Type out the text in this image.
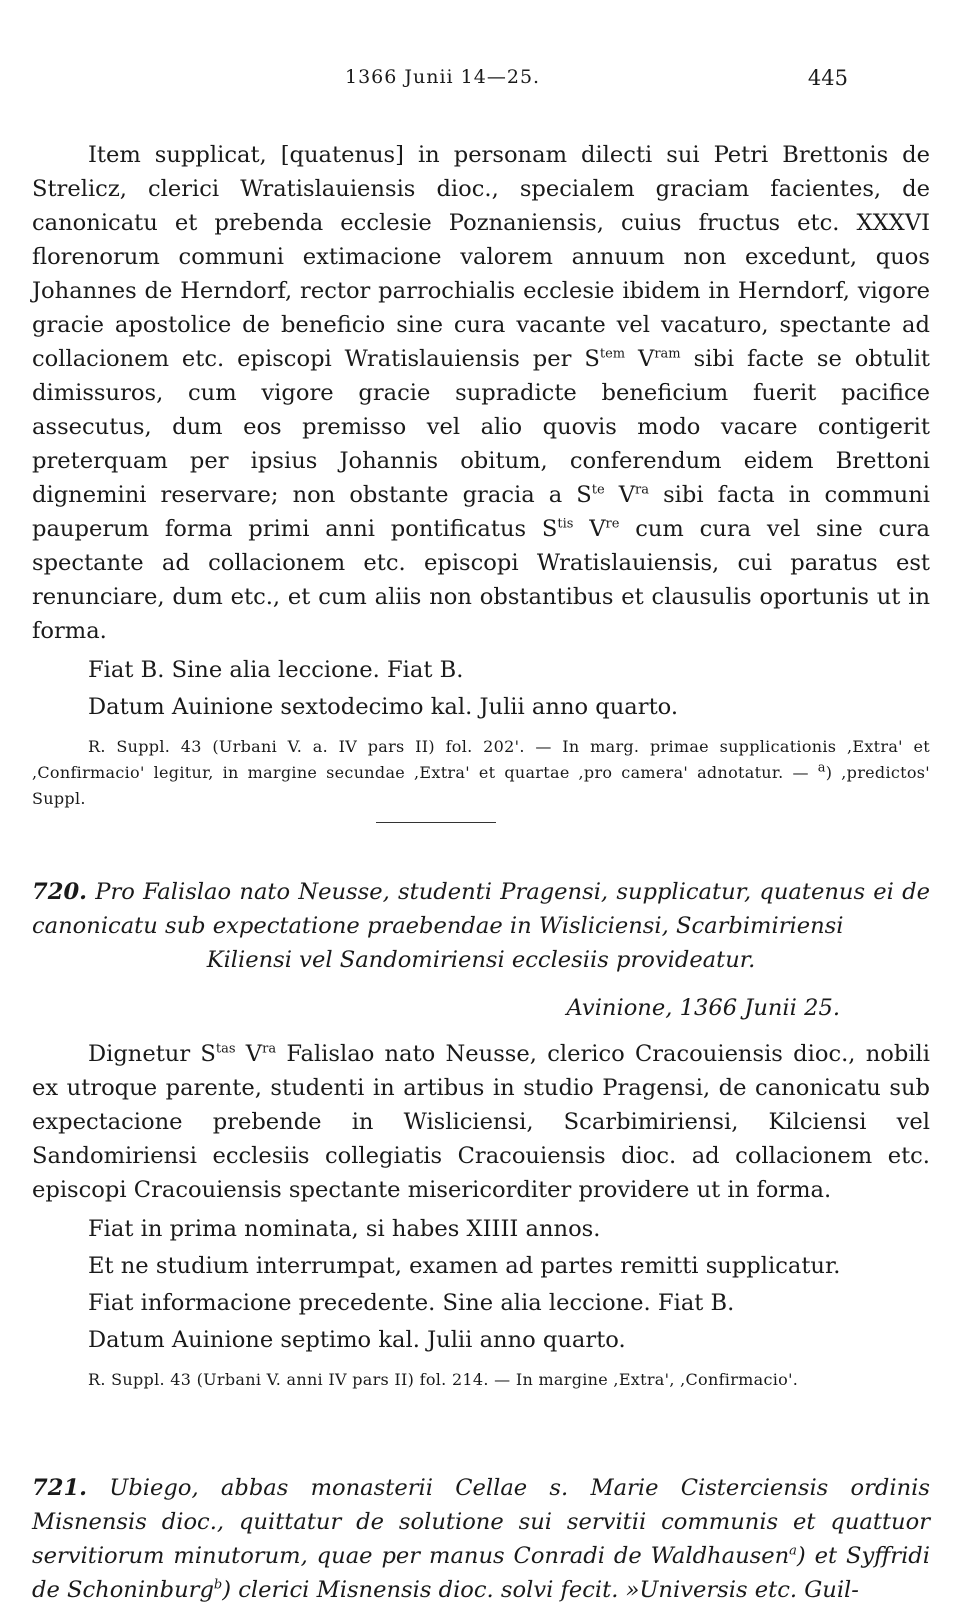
1366 Junii 14—25.	445

Item supplicat, [quatenus] in personam dilecti sui Petri Brettonis de Strelicz, clerici Wratislauiensis dioc., specialem graciam facientes, de canonicatu et prebenda ecclesie Poznaniensis, cuius fructus etc. XXXVI florenorum communi extimacione valorem annuum non excedunt, quos Johannes de Herndorf, rector parrochialis ecclesie ibidem in Herndorf, vigore gracie apostolice de beneficio sine cura vacante vel vacaturo, spectante ad collacionem etc. episcopi Wratislauiensis per $S^{tem}$ $V^{ram}$ sibi facte se obtulit dimissuros, cum vigore gracie supradicte beneficium fuerit pacifice assecutus, dum eos premisso vel alio quovis modo vacare contigerit preterquam per ipsius Johannis obitum, conferendum eidem Brettoni dignemini reservare; non obstante gracia a $S^{te}$ $V^{ra}$ sibi facta in communi pauperum forma primi anni pontificatus $S^{tis}$ Vre cum cura vel sine cura spectante ad collacionem etc. episcopi Wratislauiensis, cui paratus est renunciare, dum etc., et cum aliis non obstantibus et clausulis oportunis ut in forma.

Fiat B. Sine alia leccione. Fiat B.

Datum Auinione sextodecimo kal. Julii anno quarto.

R. Suppl. 43 (Urbani V. a. IV pars II) fol. 202'. — In marg. primae supplicationis ,Extra' et ,Confirmacio' legitur, in margine secundae ,Extra' et quartae ,pro camera' adnotatur. — $^a$) ,predictos' Suppl.

720. Pro Falislao nato Neusse, studenti Pragensi, supplicatur, quatenus ei de canonicatu sub expectatione praebendae in Wisliciensi, Scarbimiriensi

Kiliensi vel Sandomiriensi ecclesiis provideatur.

Avinione, 1366 Junii 25.

Dignetur $S^{tas}$ $V^{ra}$ Falislao nato Neusse, clerico Cracouiensis dioc., nobili ex utroque parente, studenti in artibus in studio Pragensi, de canonicatu sub expectacione prebende in Wisliciensi, Scarbimiriensi, Kilciensi vel Sandomiriensi ecclesiis collegiatis Cracouiensis dioc. ad collacionem etc. episcopi Cracouiensis spectante misericorditer providere ut in forma.

Fiat in prima nominata, si habes XIIII annos.

Et ne studium interrumpat, examen ad partes remitti supplicatur.

Fiat informacione precedente. Sine alia leccione. Fiat B.

Datum Auinione septimo kal. Julii anno quarto.

R. Suppl. 43 (Urbani V. anni IV pars II) fol. 214. — In margine ,Extra', ,Confirmacio'.

721. Ubiego, abbas monasterii Cellae s. Marie Cisterciensis ordinis Misnensis dioc., quittatur de solutione sui servitii communis et quattuor servitiorum minutorum, quae per manus Conradi de Waldhausen$^a$) et Syffridi de Schoninburg$^b$) clerici Misnensis dioc. solvi fecit. »Universis etc. Guil-
